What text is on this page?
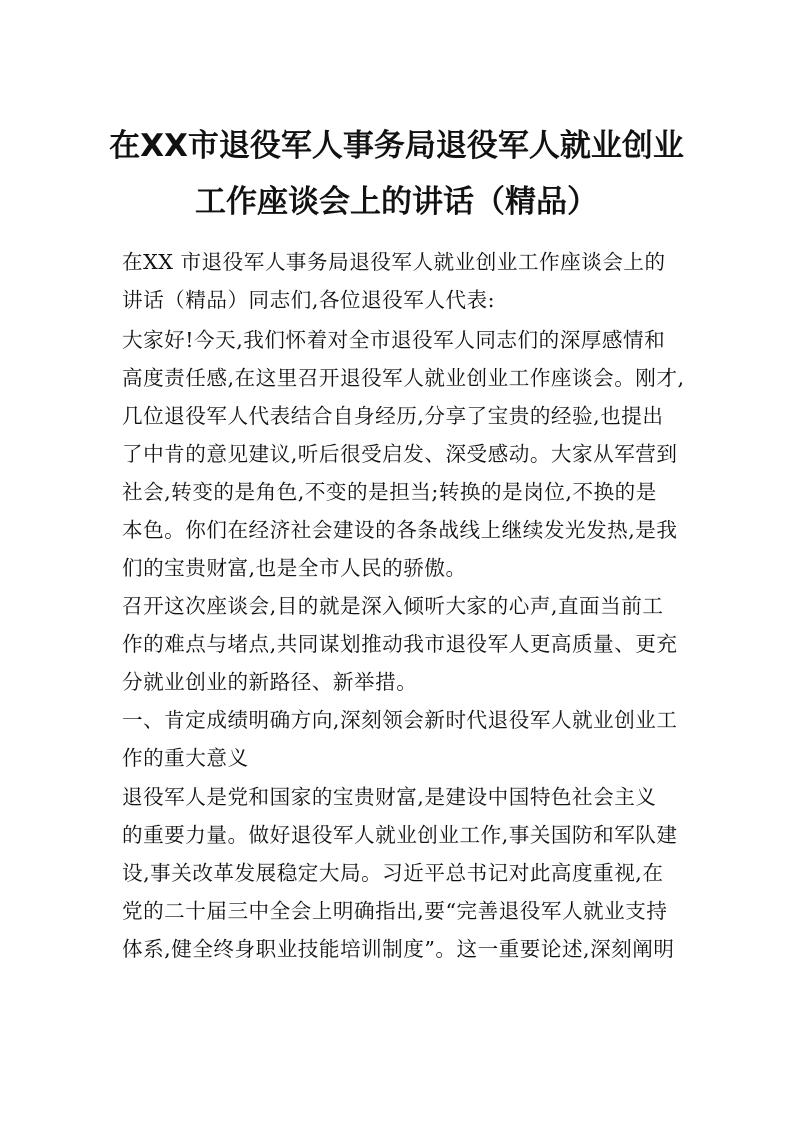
在XX市退役军人事务局退役军人就业创业
工作座谈会上的讲话（精品）
在XX 市退役军人事务局退役军人就业创业工作座谈会上的
讲话（精品）同志们,各位退役军人代表:
大家好!今天,我们怀着对全市退役军人同志们的深厚感情和
高度责任感,在这里召开退役军人就业创业工作座谈会。刚才,
几位退役军人代表结合自身经历,分享了宝贵的经验,也提出
了中肯的意见建议,听后很受启发、深受感动。大家从军营到
社会,转变的是角色,不变的是担当;转换的是岗位,不换的是
本色。你们在经济社会建设的各条战线上继续发光发热,是我
们的宝贵财富,也是全市人民的骄傲。
召开这次座谈会,目的就是深入倾听大家的心声,直面当前工
作的难点与堵点,共同谋划推动我市退役军人更高质量、更充
分就业创业的新路径、新举措。
一、肯定成绩明确方向,深刻领会新时代退役军人就业创业工
作的重大意义
退役军人是党和国家的宝贵财富,是建设中国特色社会主义
的重要力量。做好退役军人就业创业工作,事关国防和军队建
设,事关改革发展稳定大局。习近平总书记对此高度重视,在
党的二十届三中全会上明确指出,要“完善退役军人就业支持
体系,健全终身职业技能培训制度”。这一重要论述,深刻阐明
